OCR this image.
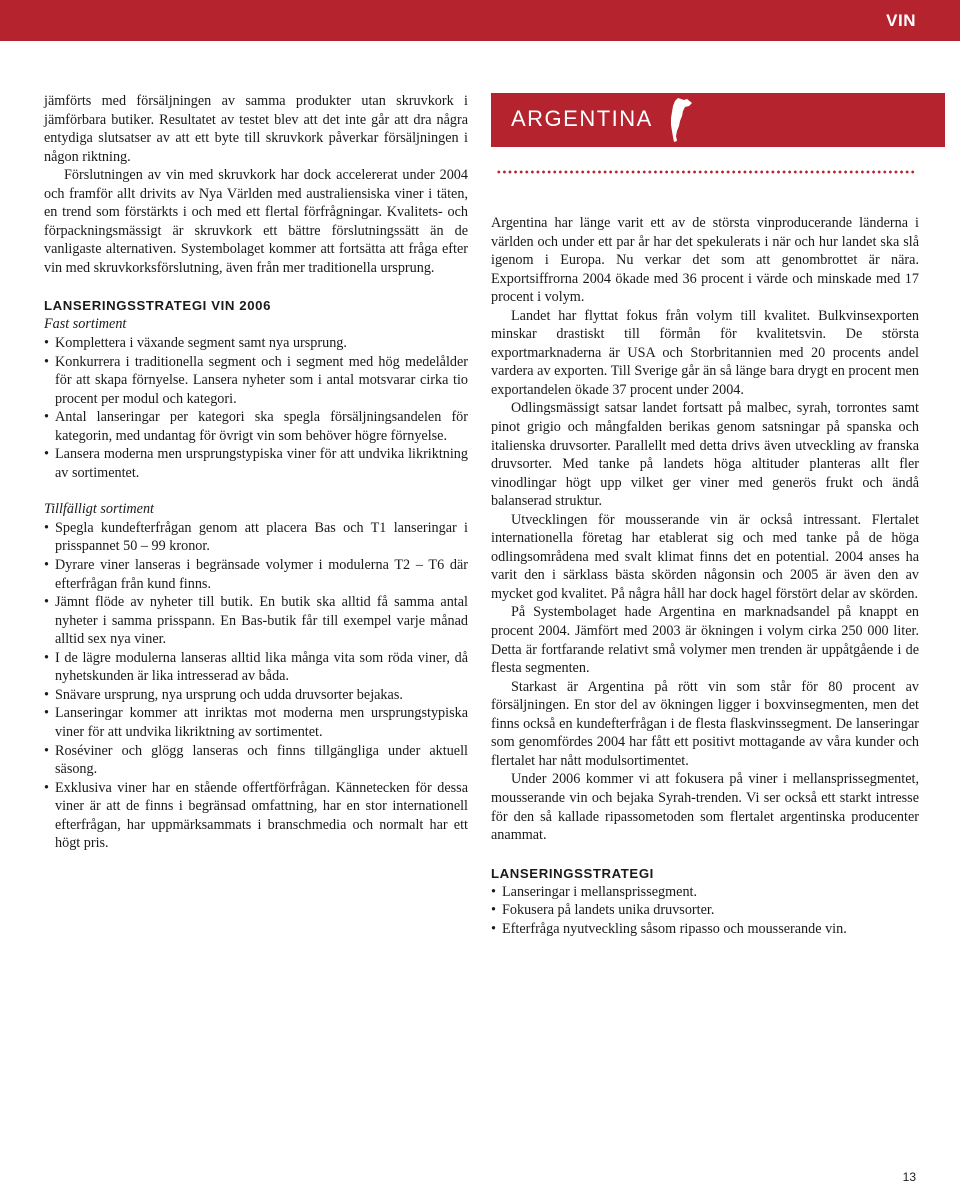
VIN

jämförts med försäljningen av samma produkter utan skruvkork i jämförbara butiker. Resultatet av testet blev att det inte går att dra några entydiga slutsatser av att ett byte till skruvkork påverkar försäljningen i någon riktning.

Förslutningen av vin med skruvkork har dock accelererat under 2004 och framför allt drivits av Nya Världen med australiensiska viner i täten, en trend som förstärkts i och med ett flertal förfrågningar. Kvalitets- och förpackningsmässigt är skruvkork ett bättre förslutningssätt än de vanligaste alternativen. Systembolaget kommer att fortsätta att fråga efter vin med skruvkorksförslutning, även från mer traditionella ursprung.

LANSERINGSSTRATEGI VIN 2006
Fast sortiment
• Komplettera i växande segment samt nya ursprung.
• Konkurrera i traditionella segment och i segment med hög medelålder för att skapa förnyelse. Lansera nyheter som i antal motsvarar cirka tio procent per modul och kategori.
• Antal lanseringar per kategori ska spegla försäljningsandelen för kategorin, med undantag för övrigt vin som behöver högre förnyelse.
• Lansera moderna men ursprungstypiska viner för att undvika likriktning av sortimentet.
Tillfälligt sortiment
• Spegla kundefterfrågan genom att placera Bas och T1 lanseringar i prisspannet 50 – 99 kronor.
• Dyrare viner lanseras i begränsade volymer i modulerna T2 – T6 där efterfrågan från kund finns.
• Jämnt flöde av nyheter till butik. En butik ska alltid få samma antal nyheter i samma prisspann. En Bas-butik får till exempel varje månad alltid sex nya viner.
• I de lägre modulerna lanseras alltid lika många vita som röda viner, då nyhetskunden är lika intresserad av båda.
• Snävare ursprung, nya ursprung och udda druvsorter bejakas.
• Lanseringar kommer att inriktas mot moderna men ursprungstypiska viner för att undvika likriktning av sortimentet.
• Roséviner och glögg lanseras och finns tillgängliga under aktuell säsong.
• Exklusiva viner har en stående offertförfrågan. Kännetecken för dessa viner är att de finns i begränsad omfattning, har en stor internationell efterfrågan, har uppmärksammats i branschmedia och normalt har ett högt pris.
ARGENTINA

Argentina har länge varit ett av de största vinproducerande länderna i världen och under ett par år har det spekulerats i när och hur landet ska slå igenom i Europa. Nu verkar det som att genombrottet är nära. Exportsiffrorna 2004 ökade med 36 procent i värde och minskade med 17 procent i volym.

Landet har flyttat fokus från volym till kvalitet. Bulkvinsexporten minskar drastiskt till förmån för kvalitetsvin. De största exportmarknaderna är USA och Storbritannien med 20 procents andel vardera av exporten. Till Sverige går än så länge bara drygt en procent men exportandelen ökade 37 procent under 2004.

Odlingsmässigt satsar landet fortsatt på malbec, syrah, torrontes samt pinot grigio och mångfalden berikas genom satsningar på spanska och italienska druvsorter. Parallellt med detta drivs även utveckling av franska druvsorter. Med tanke på landets höga altituder planteras allt fler vinodlingar högt upp vilket ger viner med generös frukt och ändå balanserad struktur.

Utvecklingen för mousserande vin är också intressant. Flertalet internationella företag har etablerat sig och med tanke på de höga odlingsområdena med svalt klimat finns det en potential. 2004 anses ha varit den i särklass bästa skörden någonsin och 2005 är även den av mycket god kvalitet. På några håll har dock hagel förstört delar av skörden.

På Systembolaget hade Argentina en marknadsandel på knappt en procent 2004. Jämfört med 2003 är ökningen i volym cirka 250 000 liter. Detta är fortfarande relativt små volymer men trenden är uppåtgående i de flesta segmenten.

Starkast är Argentina på rött vin som står för 80 procent av försäljningen. En stor del av ökningen ligger i boxvinsegmenten, men det finns också en kundefterfrågan i de flesta flaskvinssegment. De lanseringar som genomfördes 2004 har fått ett positivt mottagande av våra kunder och flertalet har nått modulsortimentet.

Under 2006 kommer vi att fokusera på viner i mellansprissegmentet, mousserande vin och bejaka Syrah-trenden. Vi ser också ett starkt intresse för den så kallade ripassometoden som flertalet argentinska producenter anammat.

LANSERINGSSTRATEGI
• Lanseringar i mellansprissegment.
• Fokusera på landets unika druvsorter.
• Efterfråga nyutveckling såsom ripasso och mousserande vin.
13
